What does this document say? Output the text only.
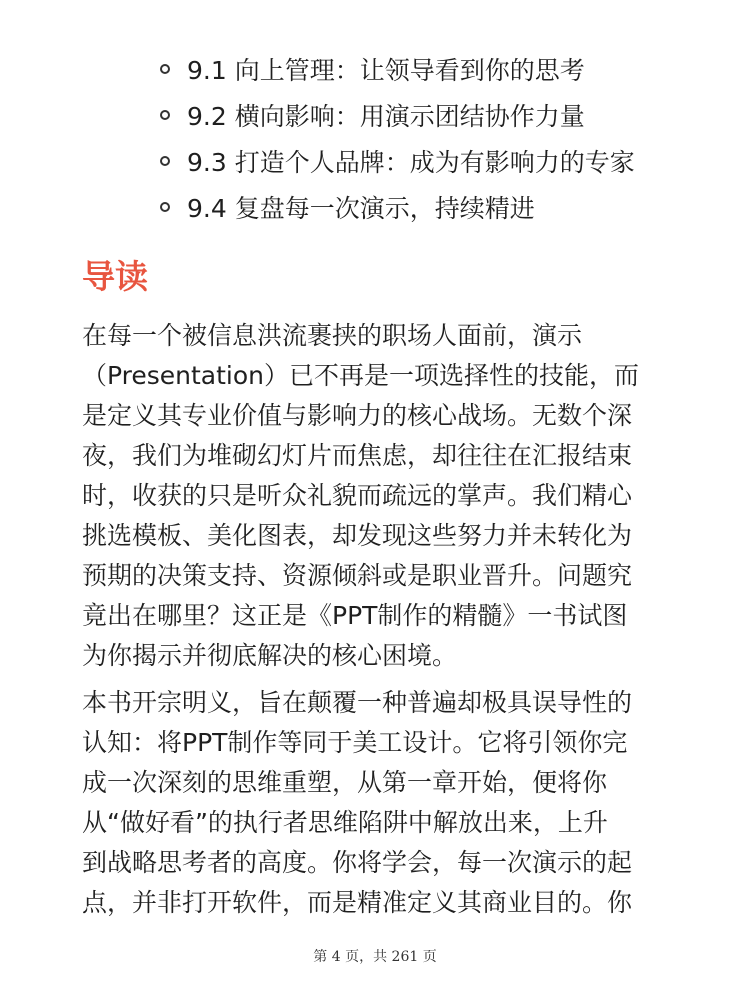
9.1 向上管理：让领导看到你的思考
9.2 横向影响：用演示团结协作力量
9.3 打造个人品牌：成为有影响力的专家
9.4 复盘每一次演示，持续精进
导读
在每一个被信息洪流裹挟的职场人面前，演示
（Presentation）已不再是一项选择性的技能，而
是定义其专业价值与影响力的核心战场。无数个深
夜，我们为堆砌幻灯片而焦虑，却往往在汇报结束
时，收获的只是听众礼貌而疏远的掌声。我们精心
挑选模板、美化图表，却发现这些努力并未转化为
预期的决策支持、资源倾斜或是职业晋升。问题究
竟出在哪里？这正是《PPT制作的精髓》一书试图
为你揭示并彻底解决的核心困境。
本书开宗明义，旨在颠覆一种普遍却极具误导性的
认知：将PPT制作等同于美工设计。它将引领你完
成一次深刻的思维重塑，从第一章开始，便将你
从“做好看”的执行者思维陷阱中解放出来，上升
到战略思考者的高度。你将学会，每一次演示的起
点，并非打开软件，而是精准定义其商业目的。你
第 4 页，共 261 页
